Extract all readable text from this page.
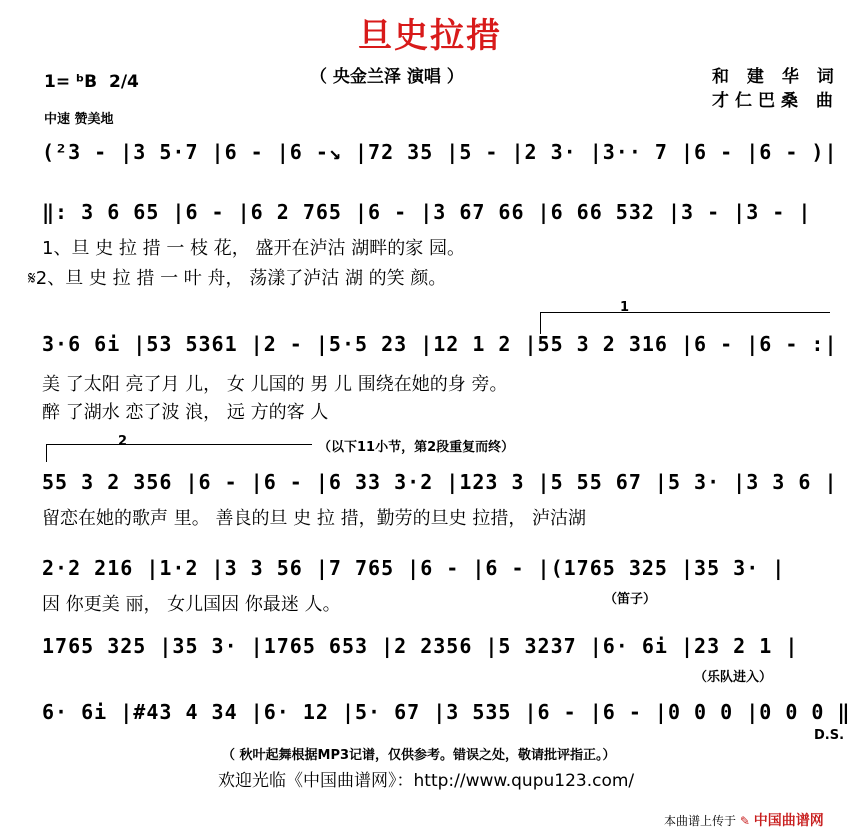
旦史拉措
（ 央金兰泽 演唱 ）	和 建 华 词
才仁巴桑 曲
1= ᵇB 2/4
中速 赞美地
(²3 - |3 5·7 |6 - |6 -↘ |72 35 |5 - |2 3· |3·· 7 |6 - |6 - )|
‖: 3 6 65 |6 - |6 2 765 |6 - |3 67 66 |6 66 532 |3 - |3 - |
1、旦 史 拉 措 一 枝 花， 盛开在泸沽 湖畔的家 园。
𝄋2、旦 史 拉 措 一 叶 舟， 荡漾了泸沽 湖 的笑 颜。
1
3·6 6i |53 5361 |2 - |5·5 23 |12 1 2 |55 3 2 316 |6 - |6 - :|
美 了太阳 亮了月 儿， 女 儿国的 男 儿 围绕在她的身 旁。
醉 了湖水 恋了波 浪， 远 方的客 人
2	（以下11小节，第2段重复而终）
55 3 2 356 |6 - |6 - |6 33 3·2 |123 3 |5 55 67 |5 3· |3 3 6 |
留恋在她的歌声 里。 善良的旦 史 拉 措，勤劳的旦史 拉措， 泸沽湖
2·2 216 |1·2 |3 3 56 |7 765 |6 - |6 - |(1765 325 |35 3· |
因 你更美 丽， 女儿国因 你最迷 人。	（笛子）
1765 325 |35 3· |1765 653 |2 2356 |5 3237 |6· 6i |23 2 1 |
（乐队进入）
6· 6i |#43 4 34 |6· 12 |5· 67 |3 535 |6 - |6 - |0 0 0 |0 0 0 ‖
D.S.
（ 秋叶起舞根据MP3记谱，仅供参考。错误之处，敬请批评指正。）
欢迎光临《中国曲谱网》：http://www.qupu123.com/
本曲谱上传于 ✎ 中国曲谱网
